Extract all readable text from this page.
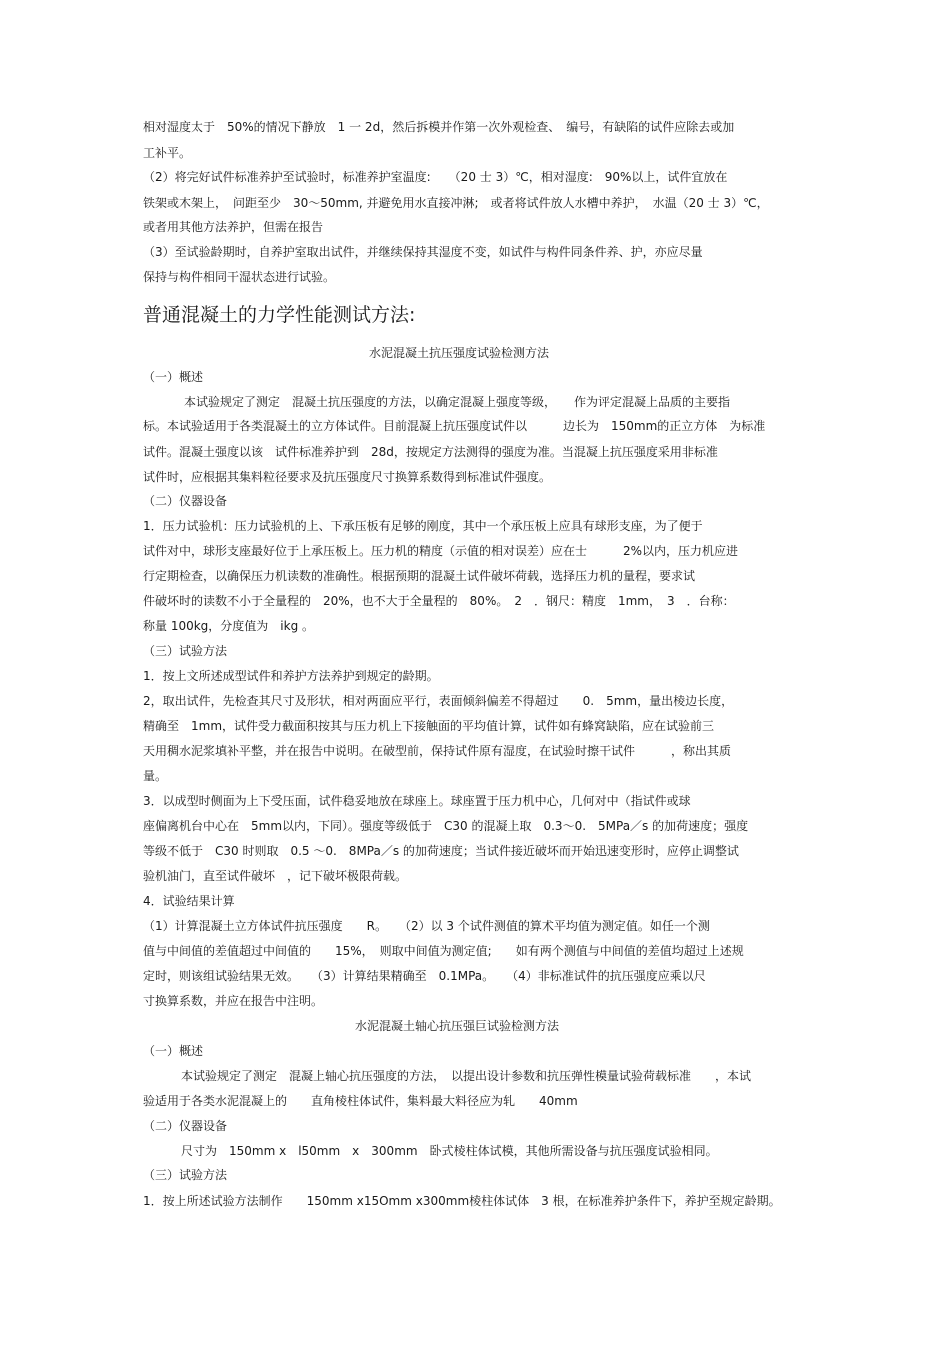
相对湿度太于　50%的情况下静放　1 一 2d，然后拆模并作第一次外观检查、　编号，有缺陷的试件应除去或加
工补平。
（2）将完好试件标准养护至试验时，标准养护室温度:　　（20 士 3）℃，相对湿度:　90%以上，试件宜放在
铁架或木架上，　问距至少　30～50mm, 并避免用水直接冲淋;　或者将试件放人水槽中养护，　水温（20 士 3）℃，
或者用其他方法养护，但需在报告
（3）至试验龄期时，自养护室取出试件，并继续保持其湿度不变，如试件与构件同条件养、护，亦应尽量
保持与构件相同干湿状态进行试验。
普通混凝土的力学性能测试方法:
水泥混凝土抗压强度试验检测方法
（一）概述
本试验规定了测定　混凝土抗压强度的方法，以确定混凝上强度等级，　　作为评定混凝上品质的主要指
标。本试验适用于各类混凝土的立方体试件。目前混凝上抗压强度试件以　　　边长为　150mm的正立方体　为标准
试件。混凝土强度以该　试件标准养护到　28d，按规定方法测得的强度为准。当混凝上抗压强度采用非标准
试件时，应根据其集料粒径要求及抗压强度尺寸换算系数得到标准试件强度。
（二）仪器设备
1．压力试验机：压力试验机的上、下承压板有足够的刚度，其中一个承压板上应具有球形支座，为了便于
试件对中，球形支座最好位于上承压板上。压力机的精度（示值的相对误差）应在士　　　2%以内，压力机应进
行定期检查，以确保压力机读数的准确性。根据预期的混凝土试件破坏荷载，选择压力机的量程，要求试
件破坏时的读数不小于全量程的　20%，也不大于全量程的　80%。　2　．钢尺：精度　1mm，　3　．台称：
称量 100kg，分度值为　ikg 。
（三）试验方法
1．按上文所述成型试件和养护方法养护到规定的龄期。
2，取出试件，先检查其尺寸及形状，相对两面应平行，表面倾斜偏差不得超过　　0.　5mm，量出棱边长度，
精确至　1mm，试件受力截面积按其与压力机上下接触面的平均值计算，试件如有蜂窝缺陷，应在试验前三
天用稠水泥浆填补平整，并在报告中说明。在破型前，保持试件原有湿度，在试验时擦干试件　　　，称出其质
量。
3．以成型时侧面为上下受压面，试件稳妥地放在球座上。球座置于压力机中心，几何对中（指试件或球
座偏离机台中心在　5mm以内，下同）。强度等级低于　C30 的混凝上取　0.3～0.　5MPa／s 的加荷速度；强度
等级不低于　C30 时则取　0.5 ～0.　8MPa／s 的加荷速度；当试件接近破坏而开始迅速变形时，应停止调整试
验机油门，直至试件破坏　，记下破坏极限荷载。
4．试验结果计算
（1）计算混凝土立方体试件抗压强度　　R。　　（2）以 3 个试件测值的算术平均值为测定值。如任一个测
值与中间值的差值超过中间值的　　15%，　则取中间值为测定值;　　如有两个测值与中间值的差值均超过上述规
定时，则该组试验结果无效。　　（3）计算结果精确至　0.1MPa。　　（4）非标准试件的抗压强度应乘以尺
寸换算系数，并应在报告中注明。
水泥混凝土轴心抗压强巨试验检测方法
（一）概述
本试验规定了测定　混凝上轴心抗压强度的方法，　以提出设计参数和抗压弹性模量试验荷载标准　　，本试
验适用于各类水泥混凝上的　　直角棱柱体试件，集料最大料径应为轧　　40mm
（二）仪器设备
尺寸为　150mm x　l50mm　x　300mm　卧式棱柱体试模，其他所需设备与抗压强度试验相同。
（三）试验方法
1．按上所述试验方法制作　　150mm x15Omm x300mm棱柱体试体　3 根，在标准养护条件下，养护至规定龄期。
